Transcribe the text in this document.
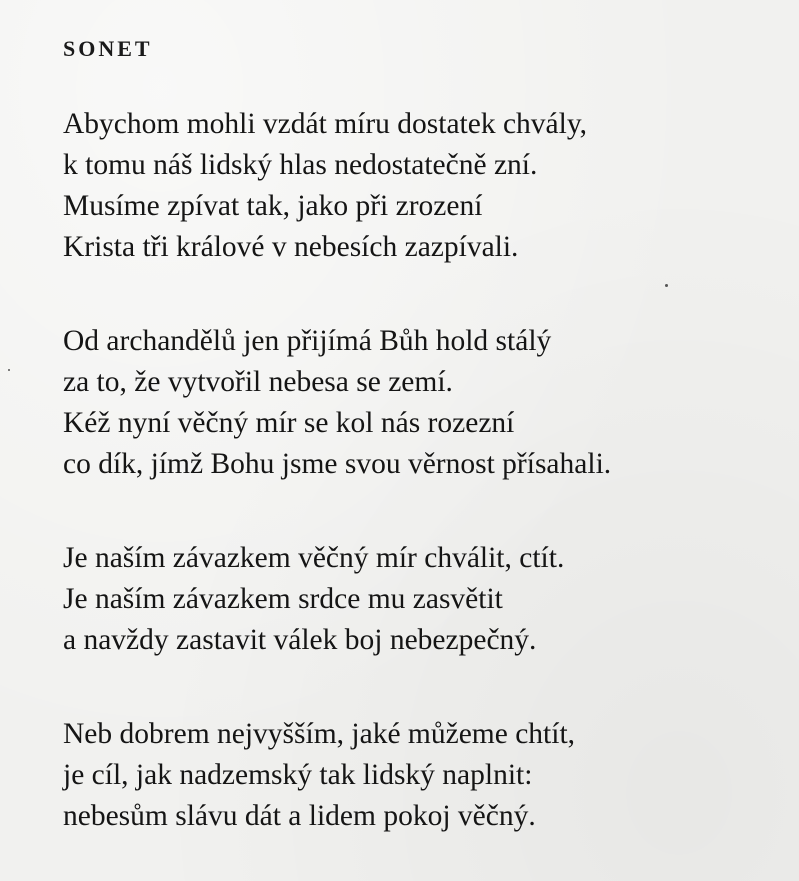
SONET
Abychom mohli vzdát míru dostatek chvály,
k tomu náš lidský hlas nedostatečně zní.
Musíme zpívat tak, jako při zrození
Krista tři králové v nebesích zazpívali.
Od archandělů jen přijímá Bůh hold stálý
za to, že vytvořil nebesa se zemí.
Kéž nyní věčný mír se kol nás rozezní
co dík, jímž Bohu jsme svou věrnost přísahali.
Je naším závazkem věčný mír chválit, ctít.
Je naším závazkem srdce mu zasvětit
a navždy zastavit válek boj nebezpečný.
Neb dobrem nejvyšším, jaké můžeme chtít,
je cíl, jak nadzemský tak lidský naplnit:
nebesům slávu dát a lidem pokoj věčný.
